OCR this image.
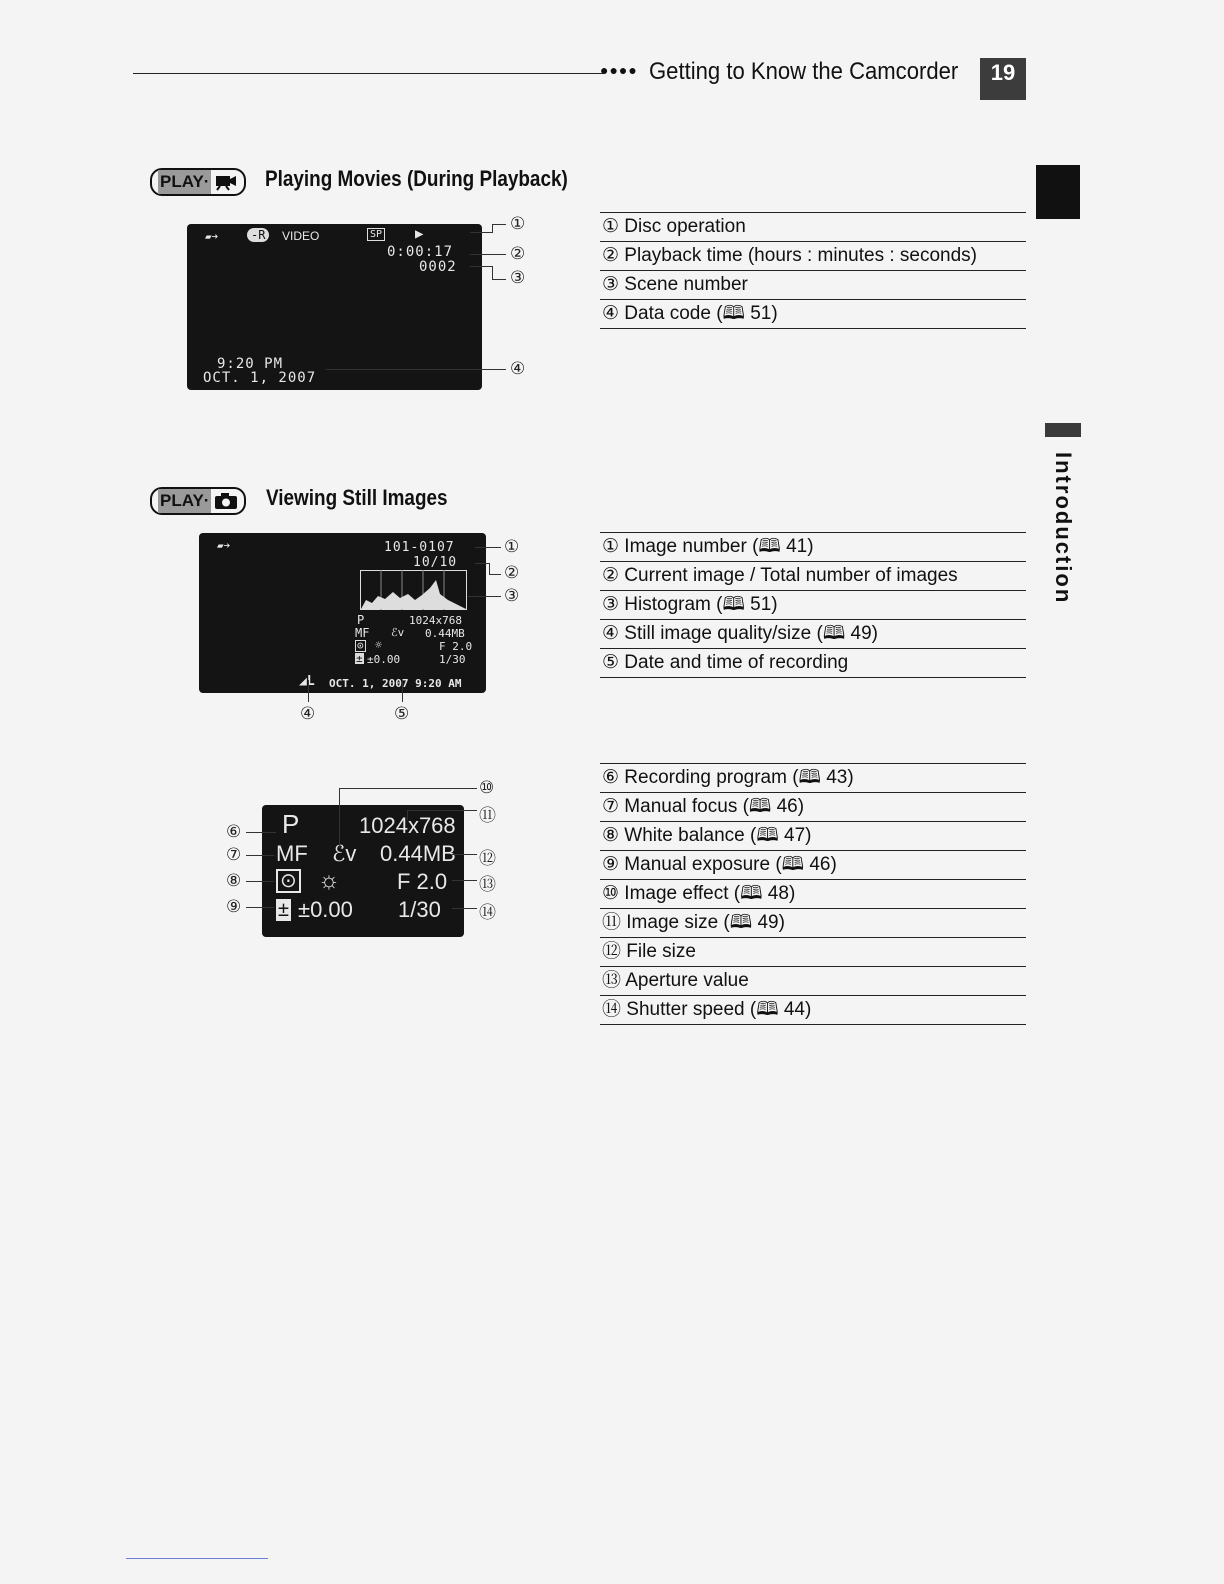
●●●● Getting to Know the Camcorder	19
Introduction
PLAY·	Playing Movies (During Playback)
▰➔	-R	VIDEO	SP ▶
0:00:17
0002
9:20 PM
OCT. 1, 2007
①
②
③
④
① Disc operation
② Playback time (hours : minutes : seconds)
③ Scene number
④ Data code (🕮 51)
PLAY·	Viewing Still Images
▰➔	101-0107
10/10
P	1024x768
MF ℰv 0.44MB
⊙ ☼	F 2.0
± ±0.00	1/30
◢L OCT. 1, 2007 9:20 AM
①
②
③
④	⑤
① Image number (🕮 41)
② Current image / Total number of images
③ Histogram (🕮 51)
④ Still image quality/size (🕮 49)
⑤ Date and time of recording
P	1024x768
MF ℰv 0.44MB
⊙ ☼	F 2.0
± ±0.00 1/30
⑥
⑦
⑧
⑨
⑩
⑪
⑫
⑬
⑭
⑥ Recording program (🕮 43)
⑦ Manual focus (🕮 46)
⑧ White balance (🕮 47)
⑨ Manual exposure (🕮 46)
⑩ Image effect (🕮 48)
⑪ Image size (🕮 49)
⑫ File size
⑬ Aperture value
⑭ Shutter speed (🕮 44)
